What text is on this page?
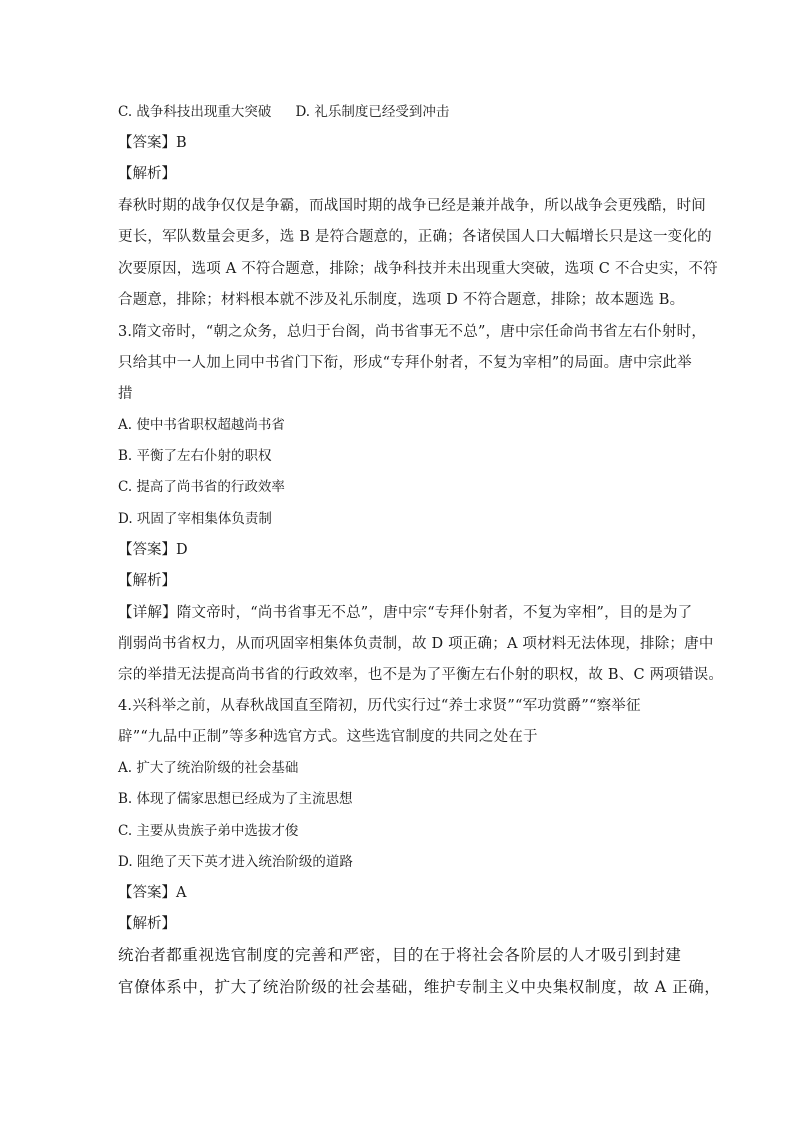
C. 战争科技出现重大突破 D. 礼乐制度已经受到冲击
【答案】B
【解析】
春秋时期的战争仅仅是争霸，而战国时期的战争已经是兼并战争，所以战争会更残酷，时间
更长，军队数量会更多，选 B 是符合题意的，正确；各诸侯国人口大幅增长只是这一变化的
次要原因，选项 A 不符合题意，排除；战争科技并未出现重大突破，选项 C 不合史实，不符
合题意，排除；材料根本就不涉及礼乐制度，选项 D 不符合题意，排除；故本题选 B。
3.隋文帝时，“朝之众务，总归于台阁，尚书省事无不总”，唐中宗任命尚书省左右仆射时，
只给其中一人加上同中书省门下衔，形成“专拜仆射者，不复为宰相”的局面。唐中宗此举
措
A. 使中书省职权超越尚书省
B. 平衡了左右仆射的职权
C. 提高了尚书省的行政效率
D. 巩固了宰相集体负责制
【答案】D
【解析】
【详解】隋文帝时，“尚书省事无不总”，唐中宗“专拜仆射者，不复为宰相”，目的是为了
削弱尚书省权力，从而巩固宰相集体负责制，故 D 项正确；A 项材料无法体现，排除；唐中
宗的举措无法提高尚书省的行政效率，也不是为了平衡左右仆射的职权，故 B、C 两项错误。
4.兴科举之前，从春秋战国直至隋初，历代实行过“养士求贤”“军功赏爵”“察举征
辟”“九品中正制”等多种选官方式。这些选官制度的共同之处在于
A. 扩大了统治阶级的社会基础
B. 体现了儒家思想已经成为了主流思想
C. 主要从贵族子弟中选拔才俊
D. 阻绝了天下英才进入统治阶级的道路
【答案】A
【解析】
统治者都重视选官制度的完善和严密，目的在于将社会各阶层的人才吸引到封建
官僚体系中，扩大了统治阶级的社会基础，维护专制主义中央集权制度，故 A 正确，
